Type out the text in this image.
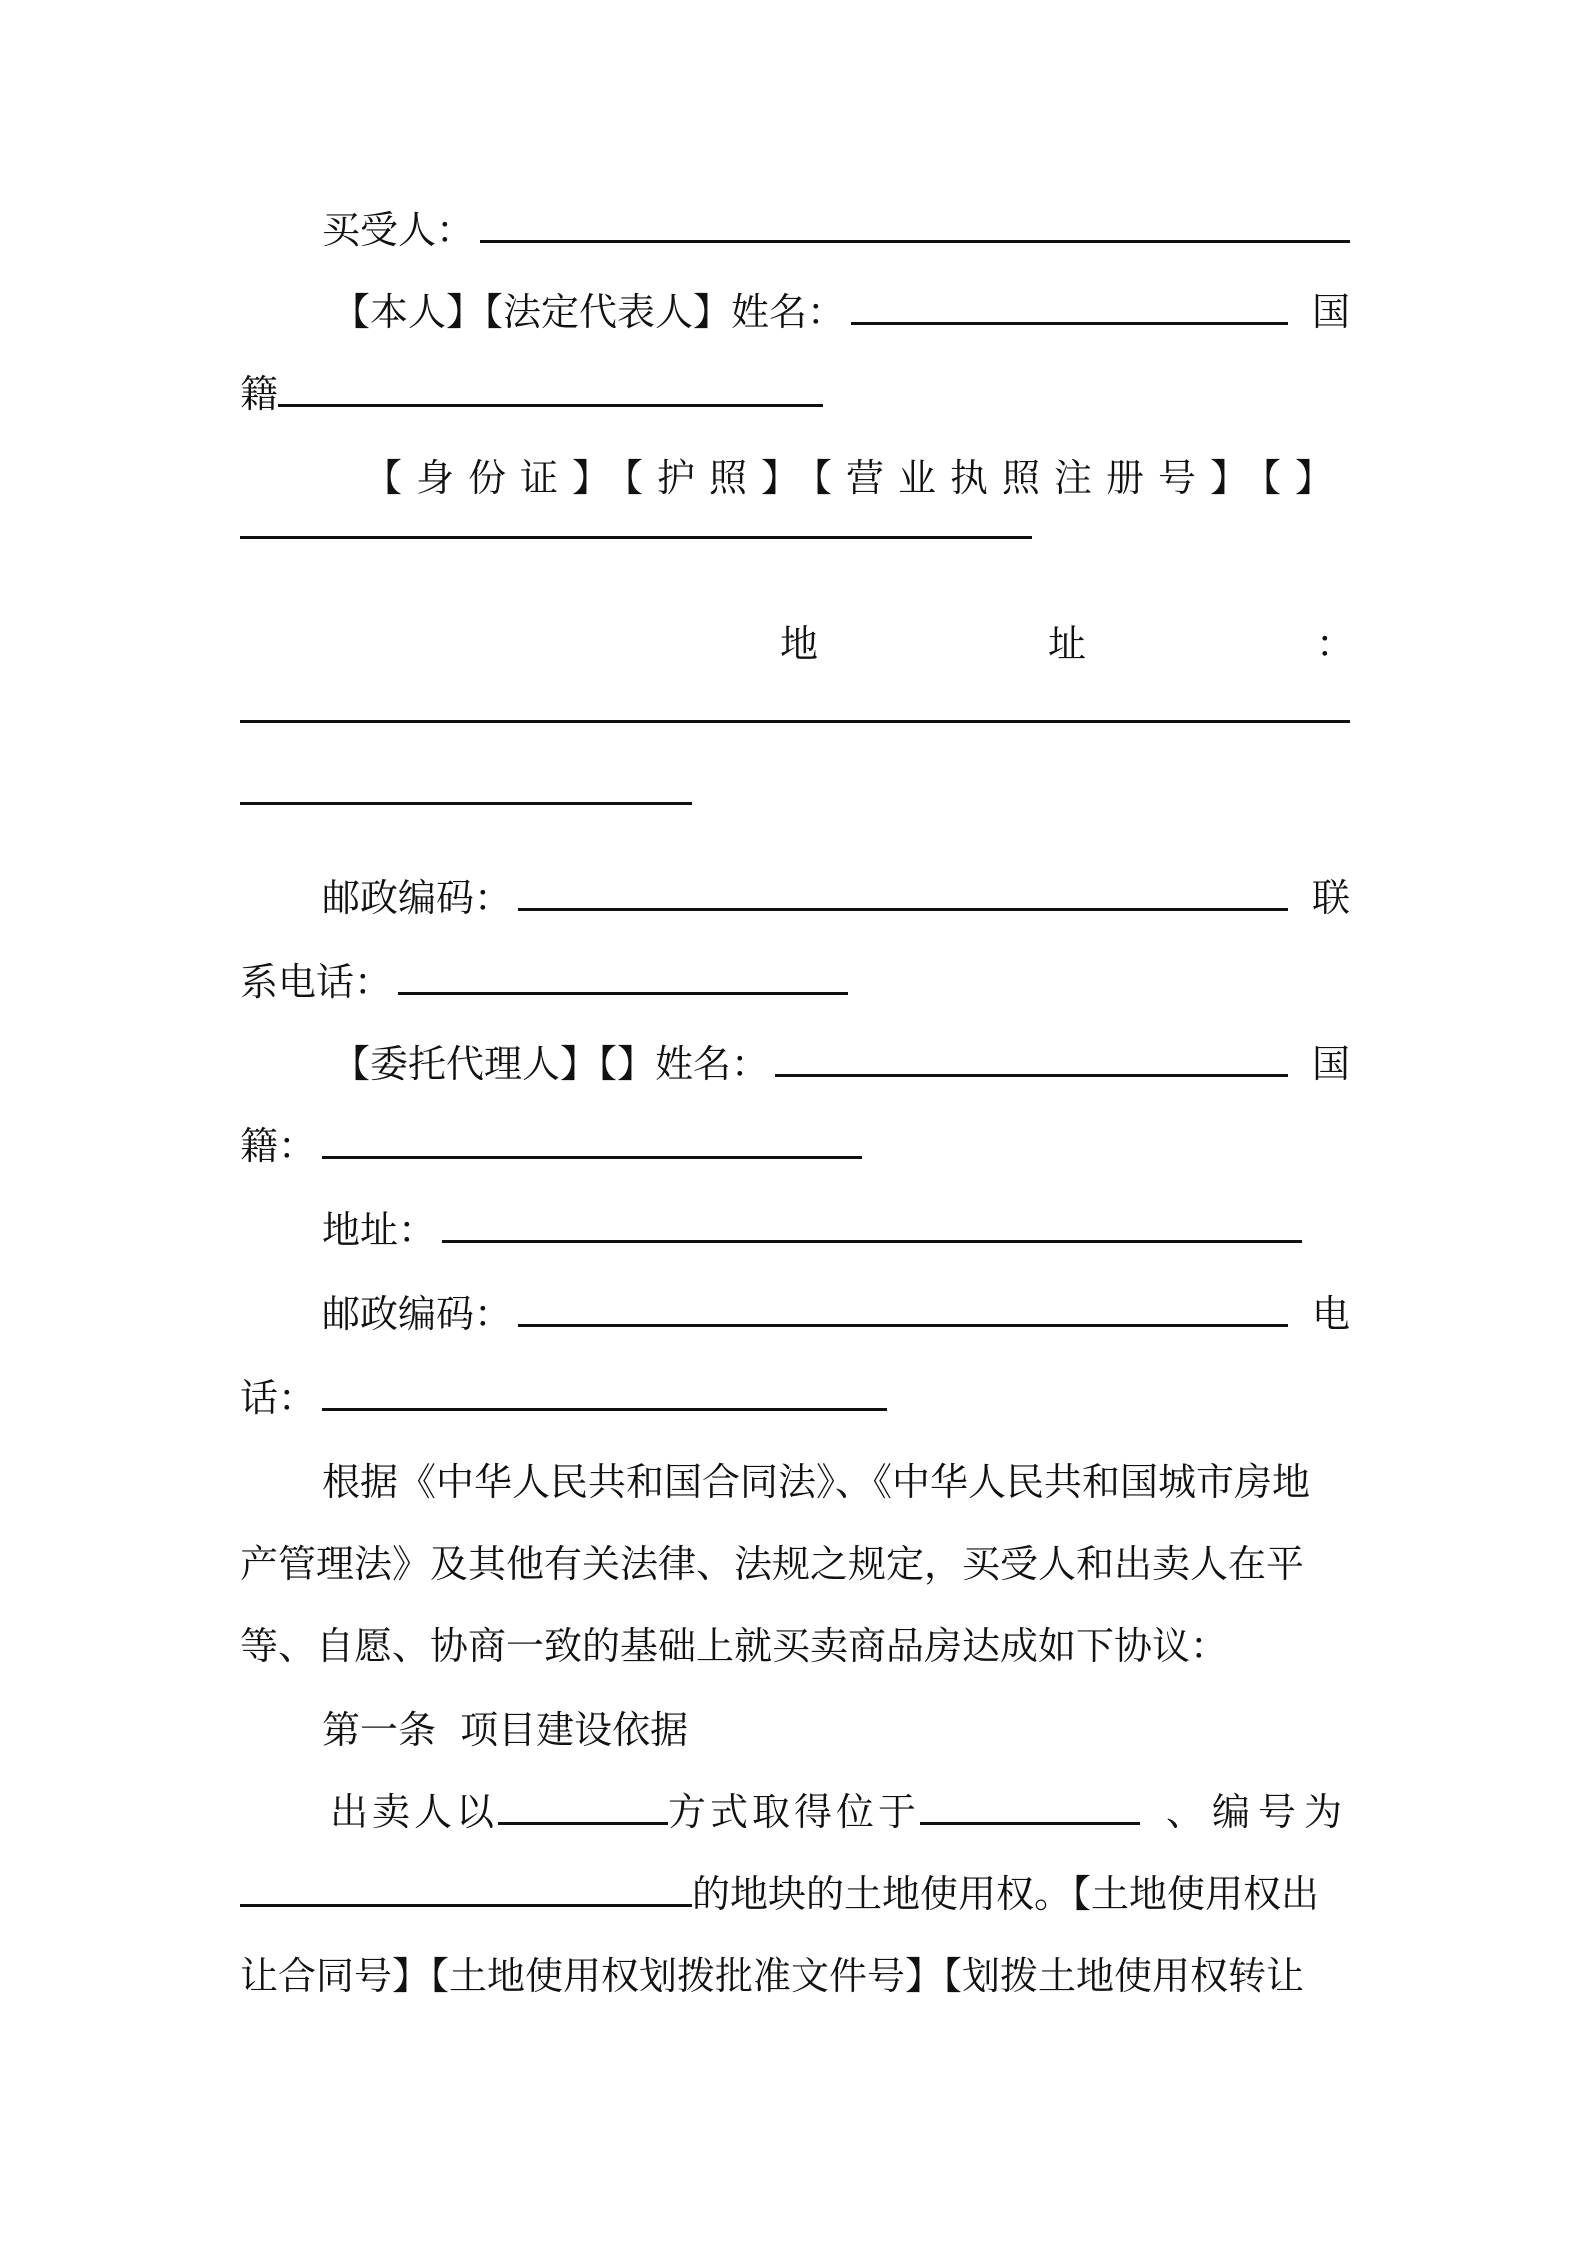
买受人：
【本人】【法定代表人】姓名：	国
籍
【身份证】【护照】【营业执照注册号】【】
地	址	：
邮政编码：	联
系电话：
【委托代理人】【】姓名：	国
籍：
地址：
邮政编码：	电
话：
根据《中华人民共和国合同法》、《中华人民共和国城市房地
产管理法》及其他有关法律、法规之规定，买受人和出卖人在平
等、自愿、协商一致的基础上就买卖商品房达成如下协议：
第一条  项目建设依据
出卖人以	方式取得位于	、编号为
的地块的土地使用权。【土地使用权出
让合同号】【土地使用权划拨批准文件号】【划拨土地使用权转让
